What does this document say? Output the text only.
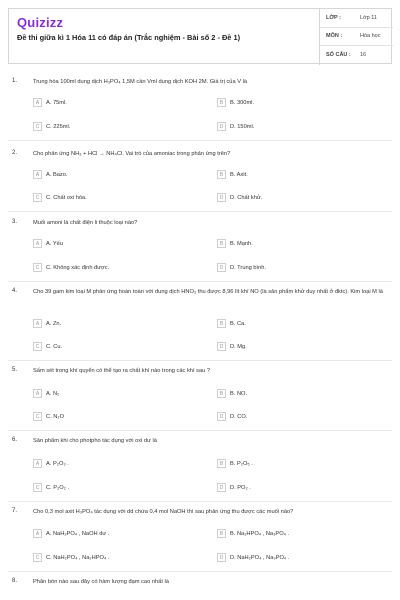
Quizizz
Đề thi giữa kì 1 Hóa 11 có đáp án (Trắc nghiệm - Bài số 2 - Đề 1)
LỚP :	Lớp 11
MÔN :	Hóa học
SỐ CÂU :	16
1.	Trung hòa 100ml dung dịch H₃PO₄ 1,5M cần Vml dung dịch KOH 2M. Giá trị của V là
A	A. 75ml.	B	B. 300ml.
C	C. 225ml.	D	D. 150ml.
2.	Cho phản ứng NH₃ + HCl → NH₄Cl. Vai trò của amoniac trong phản ứng trên?
A	A. Bazo.	B	B. Axit.
C	C. Chất oxi hóa.	D	D. Chất khử.
3.	Muối amoni là chất điện li thuộc loại nào?
A	A. Yếu	B	B. Mạnh.
C	C. Không xác định được.	D	D. Trung bình.
4.	Cho 39 gam kim loại M phản ứng hoàn toàn với dung dịch HNO₃ thu được 8,96 lít khí NO (là sản phẩm khử duy nhất ở đktc). Kim loại M là
A	A. Zn.	B	B. Ca.
C	C. Cu.	D	D. Mg.
5.	Sấm sét trong khí quyển có thể tạo ra chất khí nào trong các khí sau ?
A	A. N₂	B	B. NO.
C	C. N₂O	D	D. CO.
6.	Sản phẩm khi cho photpho tác dụng với oxi dư là
A	A. P₂O₃ .	B	B. P₂O₅ .
C	C. P₂O₂ .	D	D. PO₂ .
7.	Cho 0,3 mol axit H₃PO₄ tác dụng với dd chứa 0,4 mol NaOH thì sau phản ứng thu được các muối nào?
A	A. NaH₂PO₄ , NaOH dư .	B	B. Na₂HPO₄ , Na₃PO₄ .
C	C. NaH₂PO₄ , Na₂HPO₄ .	D	D. NaH₂PO₄ , Na₃PO₄ .
8.	Phân bón nào sau đây có hàm lượng đạm cao nhất là
